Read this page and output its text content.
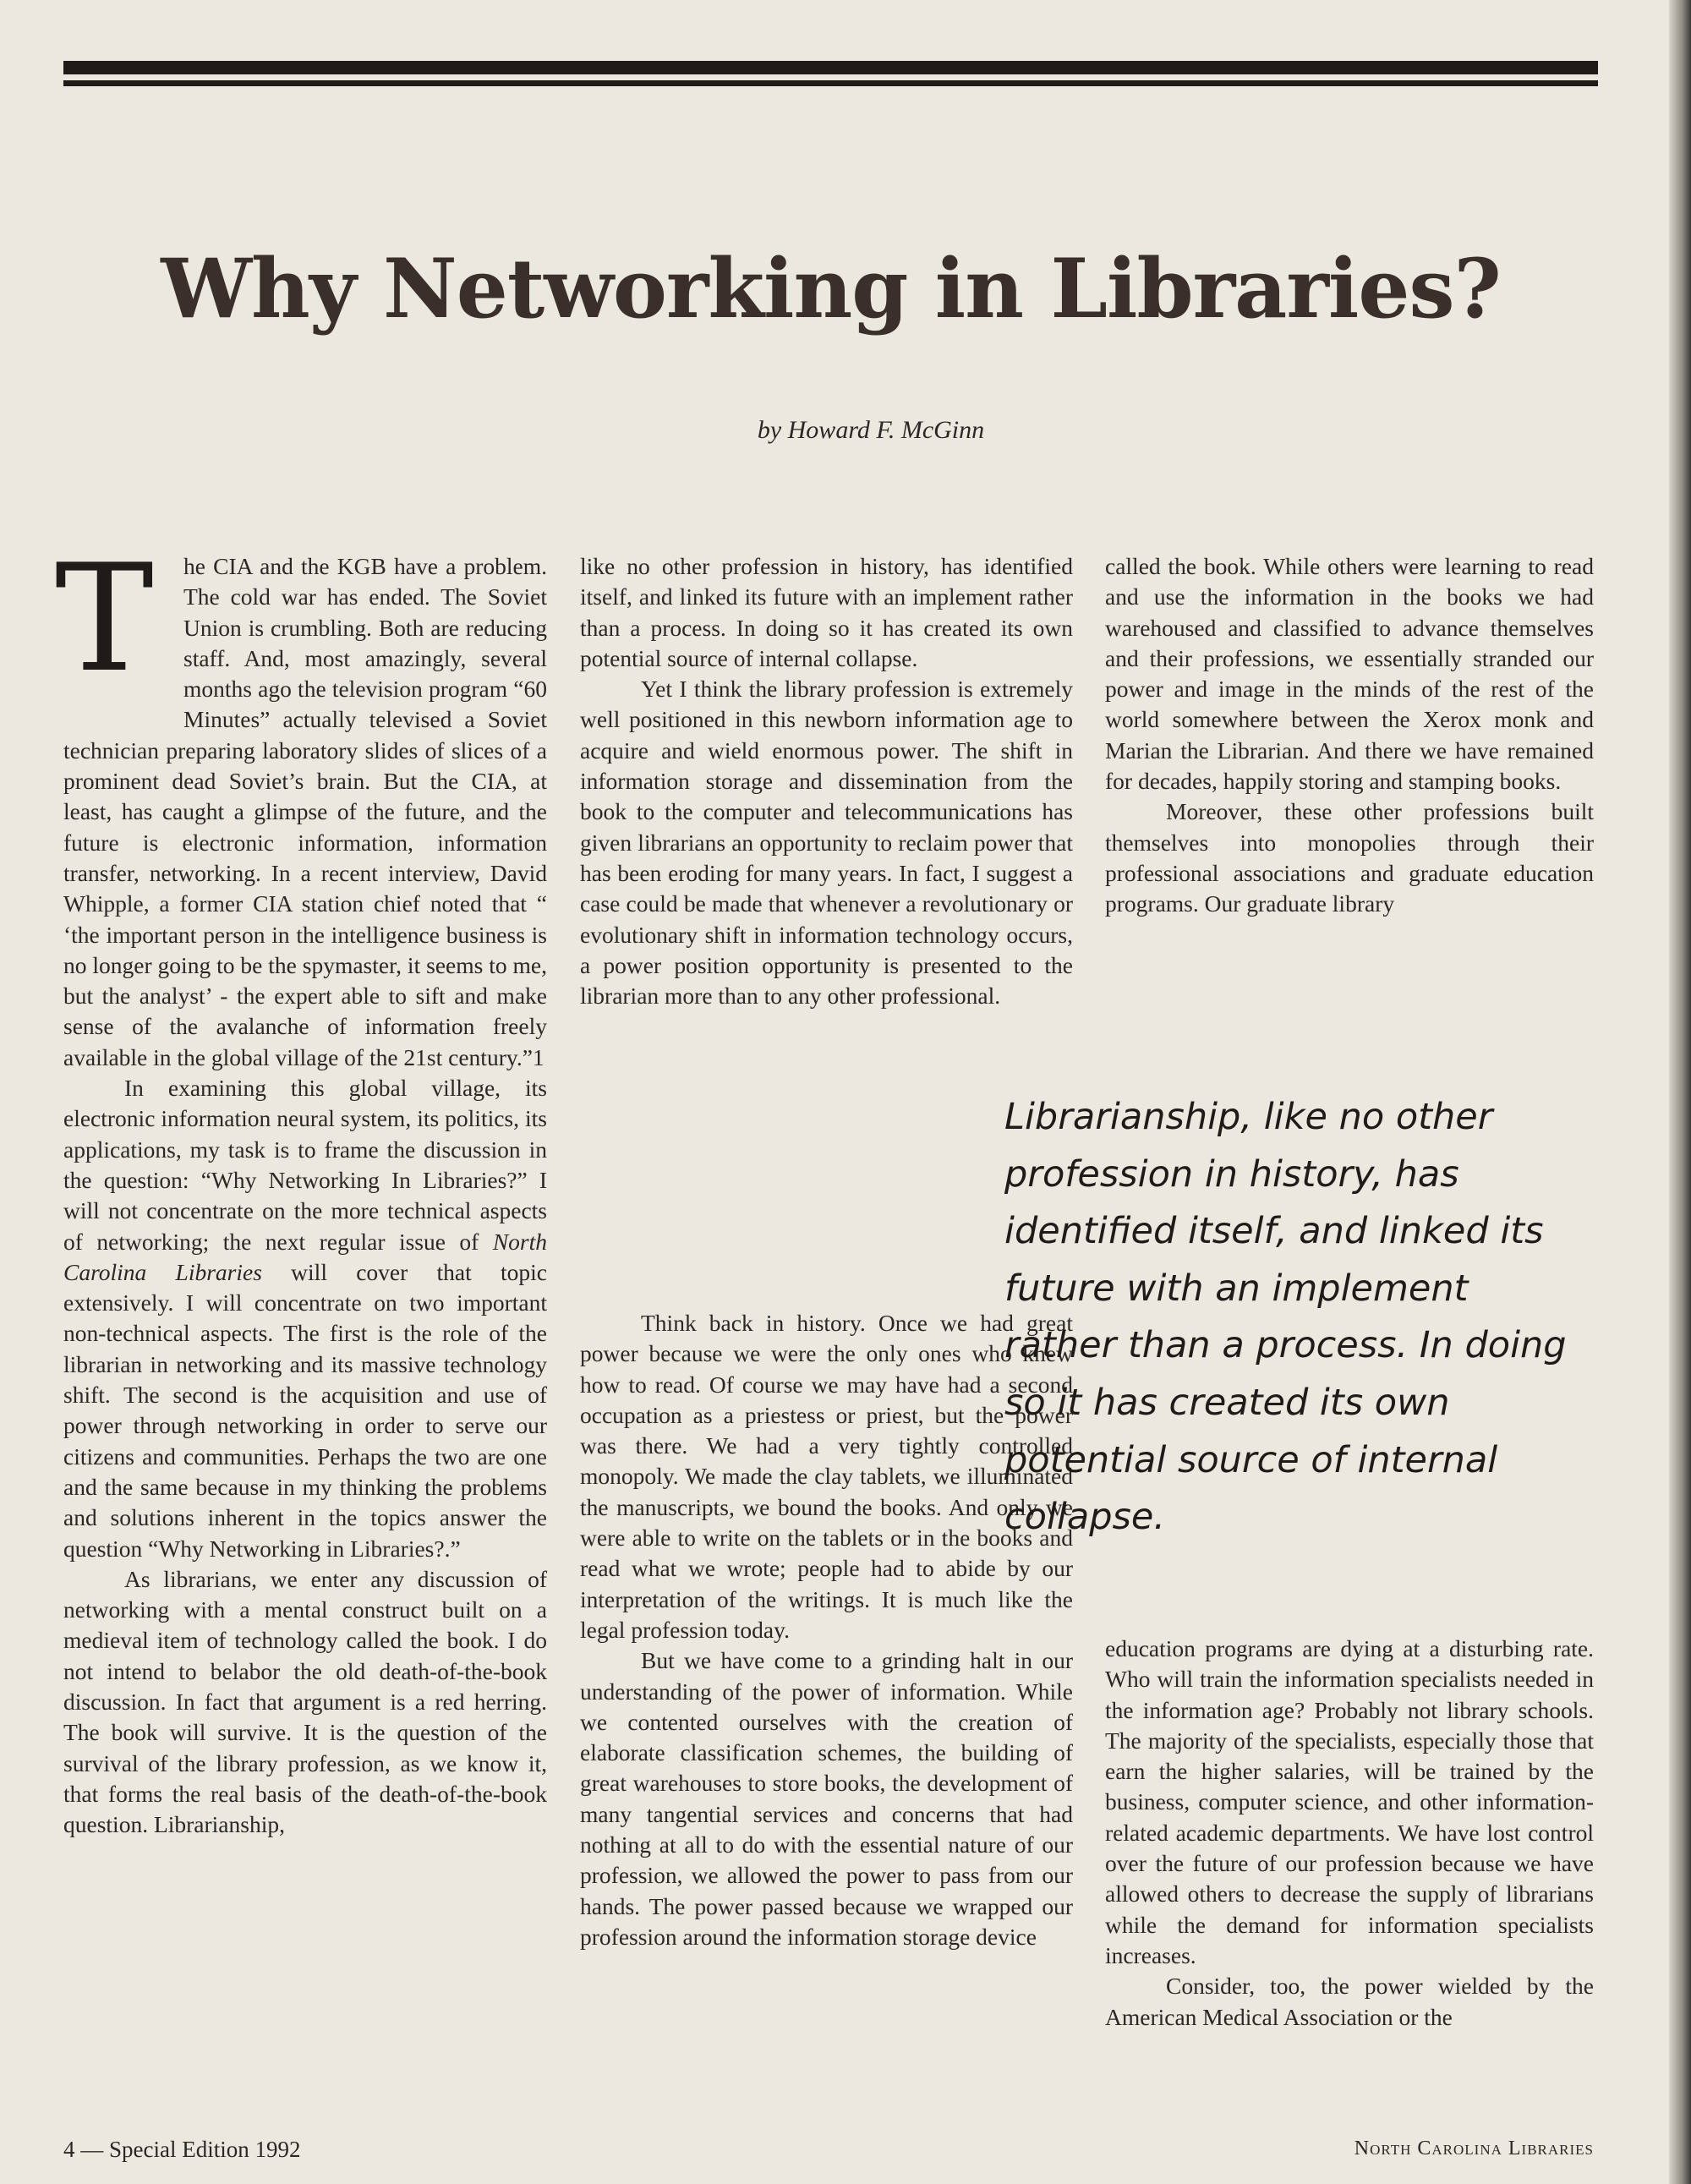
Why Networking in Libraries?
by Howard F. McGinn

T	he CIA and the KGB have a problem. The cold war has ended. The Soviet Union is crumbling. Both are reducing staff. And, most amazingly, several months ago the television program “60 Minutes” actually televised a Soviet technician preparing laboratory slides of slices of a prominent dead Soviet’s brain. But the CIA, at least, has caught a glimpse of the future, and the future is electronic information, information transfer, networking. In a recent interview, David Whipple, a former CIA station chief noted that “ ‘the important person in the intelligence business is no longer going to be the spymaster, it seems to me, but the analyst’ - the expert able to sift and make sense of the avalanche of information freely available in the global village of the 21st century.”1

In examining this global village, its electronic information neural system, its politics, its applications, my task is to frame the discussion in the question: “Why Networking In Libraries?” I will not concentrate on the more technical aspects of networking; the next regular issue of North Carolina Libraries will cover that topic extensively. I will concentrate on two important non-technical aspects. The first is the role of the librarian in networking and its massive technology shift. The second is the acquisition and use of power through networking in order to serve our citizens and communities. Perhaps the two are one and the same because in my thinking the problems and solutions inherent in the topics answer the question “Why Networking in Libraries?.”

As librarians, we enter any discussion of networking with a mental construct built on a medieval item of technology called the book. I do not intend to belabor the old death-of-the-book discussion. In fact that argument is a red herring. The book will survive. It is the question of the survival of the library profession, as we know it, that forms the real basis of the death-of-the-book question. Librarianship,

like no other profession in history, has identified itself, and linked its future with an implement rather than a process. In doing so it has created its own potential source of internal collapse.

Yet I think the library profession is extremely well positioned in this newborn information age to acquire and wield enormous power. The shift in information storage and dissemination from the book to the computer and telecommunications has given librarians an opportunity to reclaim power that has been eroding for many years. In fact, I suggest a case could be made that whenever a revolutionary or evolutionary shift in information technology occurs, a power position opportunity is presented to the librarian more than to any other professional.

Think back in history. Once we had great power because we were the only ones who knew how to read. Of course we may have had a second occupation as a priestess or priest, but the power was there. We had a very tightly controlled monopoly. We made the clay tablets, we illuminated the manuscripts, we bound the books. And only we were able to write on the tablets or in the books and read what we wrote; people had to abide by our interpretation of the writings. It is much like the legal profession today.

But we have come to a grinding halt in our understanding of the power of information. While we contented ourselves with the creation of elaborate classification schemes, the building of great warehouses to store books, the development of many tangential services and concerns that had nothing at all to do with the essential nature of our profession, we allowed the power to pass from our hands. The power passed because we wrapped our profession around the information storage device

called the book. While others were learning to read and use the information in the books we had warehoused and classified to advance themselves and their professions, we essentially stranded our power and image in the minds of the rest of the world somewhere between the Xerox monk and Marian the Librarian. And there we have remained for decades, happily storing and stamping books.

Moreover, these other professions built themselves into monopolies through their professional associations and graduate education programs. Our graduate library

Librarianship, like no other profession in history, has identified itself, and linked its future with an implement rather than a process. In doing so it has created its own potential source of internal collapse.

education programs are dying at a disturbing rate. Who will train the information specialists needed in the information age? Probably not library schools. The majority of the specialists, especially those that earn the higher salaries, will be trained by the business, computer science, and other information-related academic departments. We have lost control over the future of our profession because we have allowed others to decrease the supply of librarians while the demand for information specialists increases.

Consider, too, the power wielded by the American Medical Association or the

4 — Special Edition 1992	North Carolina Libraries
